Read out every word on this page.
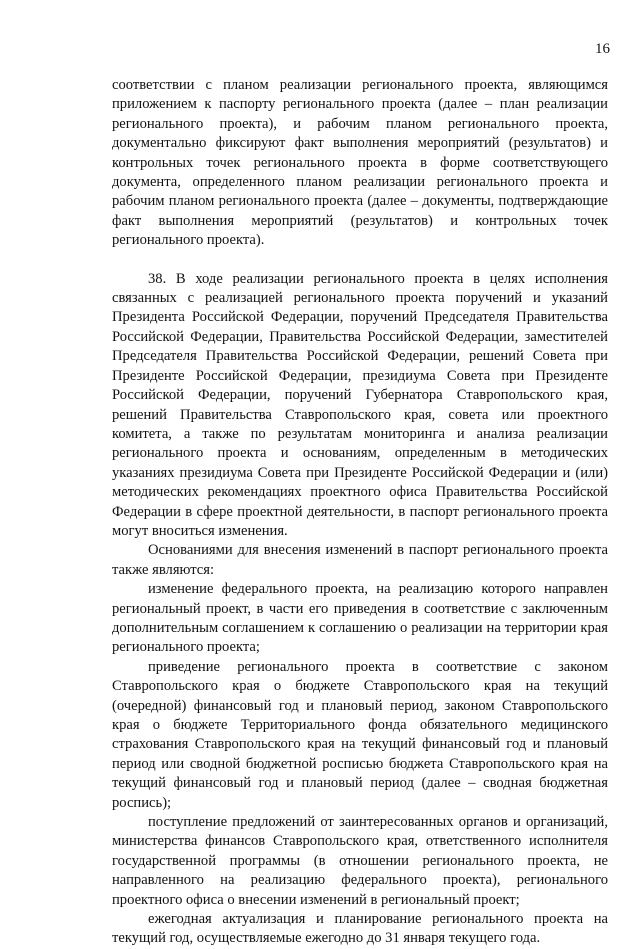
16

соответствии с планом реализации регионального проекта, являющимся приложением к паспорту регионального проекта (далее – план реализации регионального проекта), и рабочим планом регионального проекта, документально фиксируют факт выполнения мероприятий (результатов) и контрольных точек регионального проекта в форме соответствующего документа, определенного планом реализации регионального проекта и рабочим планом регионального проекта (далее – документы, подтверждающие факт выполнения мероприятий (результатов) и контрольных точек регионального проекта).

38. В ходе реализации регионального проекта в целях исполнения связанных с реализацией регионального проекта поручений и указаний Президента Российской Федерации, поручений Председателя Правительства Российской Федерации, Правительства Российской Федерации, заместителей Председателя Правительства Российской Федерации, решений Совета при Президенте Российской Федерации, президиума Совета при Президенте Российской Федерации, поручений Губернатора Ставропольского края, решений Правительства Ставропольского края, совета или проектного комитета, а также по результатам мониторинга и анализа реализации регионального проекта и основаниям, определенным в методических указаниях президиума Совета при Президенте Российской Федерации и (или) методических рекомендациях проектного офиса Правительства Российской Федерации в сфере проектной деятельности, в паспорт регионального проекта могут вноситься изменения.

Основаниями для внесения изменений в паспорт регионального проекта также являются:

изменение федерального проекта, на реализацию которого направлен региональный проект, в части его приведения в соответствие с заключенным дополнительным соглашением к соглашению о реализации на территории края регионального проекта;

приведение регионального проекта в соответствие с законом Ставропольского края о бюджете Ставропольского края на текущий (очередной) финансовый год и плановый период, законом Ставропольского края о бюджете Территориального фонда обязательного медицинского страхования Ставропольского края на текущий финансовый год и плановый период или сводной бюджетной росписью бюджета Ставропольского края на текущий финансовый год и плановый период (далее – сводная бюджетная роспись);

поступление предложений от заинтересованных органов и организаций, министерства финансов Ставропольского края, ответственного исполнителя государственной программы (в отношении регионального проекта, не направленного на реализацию федерального проекта), регионального проектного офиса о внесении изменений в региональный проект;

ежегодная актуализация и планирование регионального проекта на текущий год, осуществляемые ежегодно до 31 января текущего года.
